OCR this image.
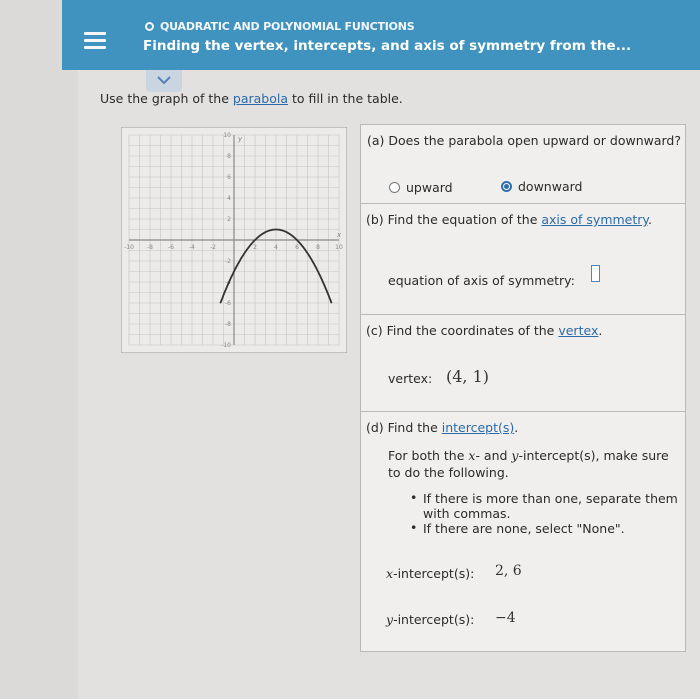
QUADRATIC AND POLYNOMIAL FUNCTIONS
Finding the vertex, intercepts, and axis of symmetry from the...
Use the graph of the parabola to fill in the table.
-10 -8	-6	-4	-2	2	4	6	8	10
10
8
6
4
2
-2
-4
-6
-8
-10
x
y	(a) Does the parabola open upward or downward?
upward	downward
(b) Find the equation of the axis of symmetry.
equation of axis of symmetry:
(c) Find the coordinates of the vertex.
vertex: (4, 1)
(d) Find the intercept(s).
For both the x- and y-intercept(s), make sure
to do the following.
• If there is more than one, separate them
with commas.
• If there are none, select "None".
x-intercept(s): 2, 6
y-intercept(s): −4
